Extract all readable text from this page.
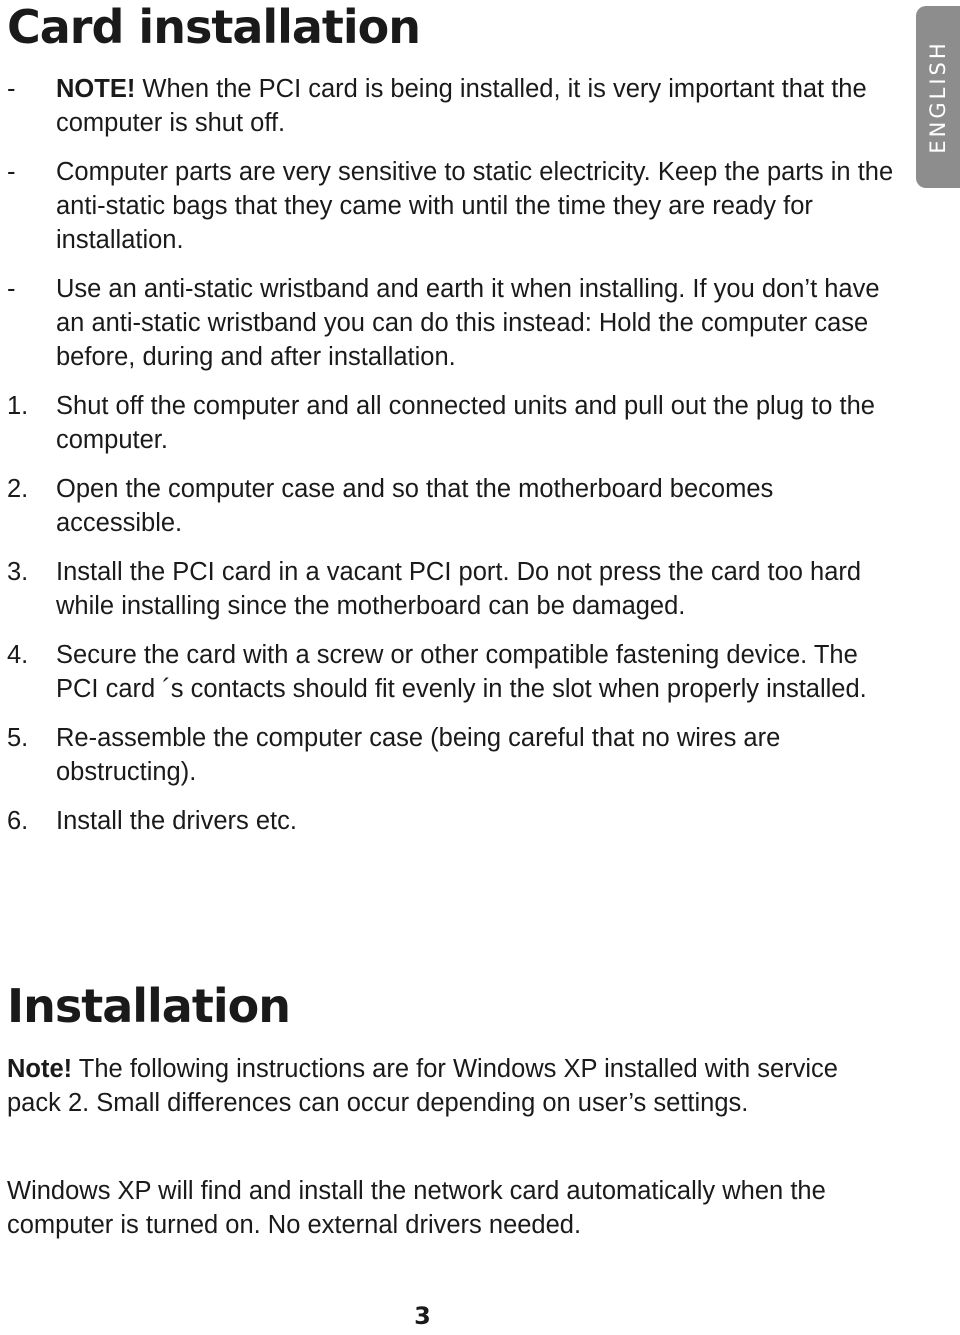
Card installation
- NOTE! When the PCI card is being installed, it is very important that the computer is shut off.
- Computer parts are very sensitive to static electricity. Keep the parts in the anti-static bags that they came with until the time they are ready for installation.
- Use an anti-static wristband and earth it when installing. If you don’t have an anti-static wristband you can do this instead: Hold the computer case before, during and after installation.
1. Shut off the computer and all connected units and pull out the plug to the computer.
2. Open the computer case and so that the motherboard becomes accessible.
3. Install the PCI card in a vacant PCI port. Do not press the card too hard while installing since the motherboard can be damaged.
4. Secure the card with a screw or other compatible fastening device. The PCI card ´s contacts should fit evenly in the slot when properly installed.
5. Re-assemble the computer case (being careful that no wires are obstructing).
6. Install the drivers etc.
Installation

Note! The following instructions are for Windows XP installed with service pack 2. Small differences can occur depending on user’s settings.

Windows XP will find and install the network card automatically when the computer is turned on. No external drivers needed.

ENGLISH
3
